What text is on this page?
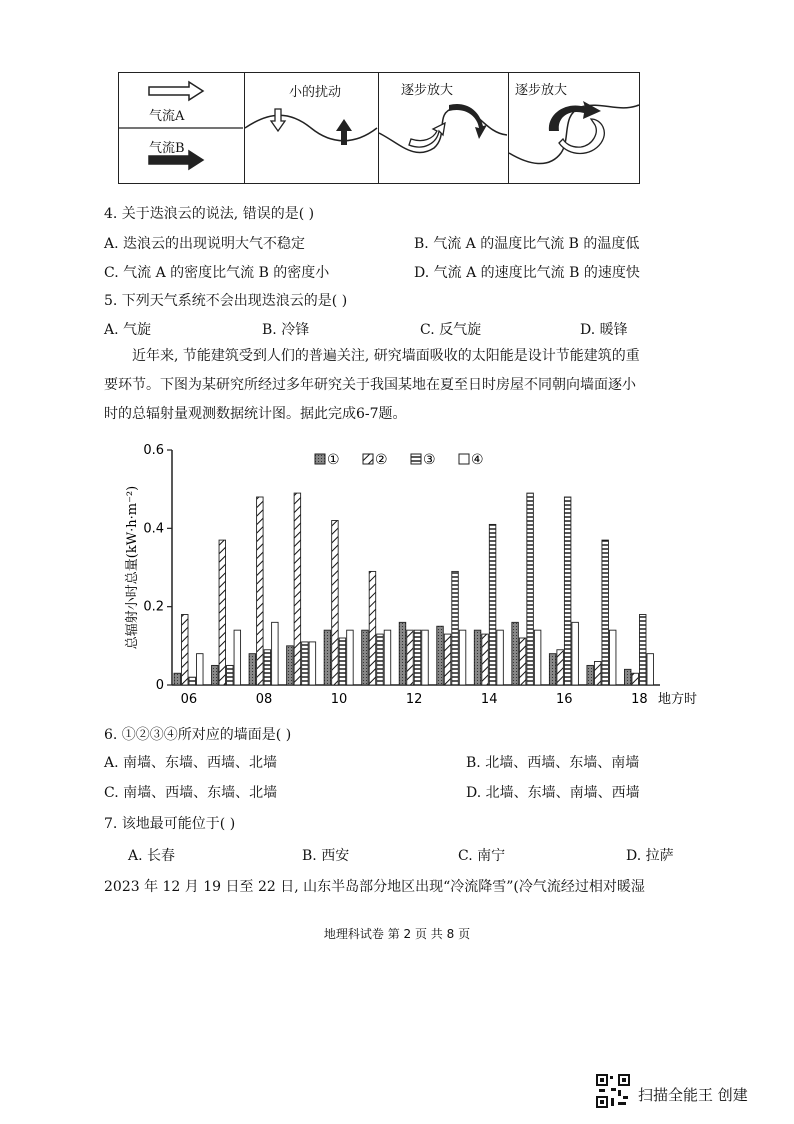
气流A
气流B
小的扰动	逐步放大	逐步放大
4. 关于迭浪云的说法, 错误的是( )
A. 迭浪云的出现说明大气不稳定	B. 气流 A 的温度比气流 B 的温度低
C. 气流 A 的密度比气流 B 的密度小	D. 气流 A 的速度比气流 B 的速度快
5. 下列天气系统不会出现迭浪云的是( )
A. 气旋	B. 冷锋	C. 反气旋	D. 暖锋
近年来, 节能建筑受到人们的普遍关注, 研究墙面吸收的太阳能是设计节能建筑的重要环节。下图为某研究所经过多年研究关于我国某地在夏至日时房屋不同朝向墙面逐小时的总辐射量观测数据统计图。据此完成6-7题。
0
0.2
0.4
0.6
06	08	10	12	14	16	18 地方时
总辐射小时总量(kW·h·m⁻²)
①	②	③	④
6. ①②③④所对应的墙面是( )
A. 南墙、东墙、西墙、北墙	B. 北墙、西墙、东墙、南墙
C. 南墙、西墙、东墙、北墙	D. 北墙、东墙、南墙、西墙
7. 该地最可能位于( )
A. 长春	B. 西安	C. 南宁	D. 拉萨
2023 年 12 月 19 日至 22 日, 山东半岛部分地区出现“冷流降雪”(冷气流经过相对暖湿
地理科试卷 第 2 页 共 8 页
扫描全能王 创建
